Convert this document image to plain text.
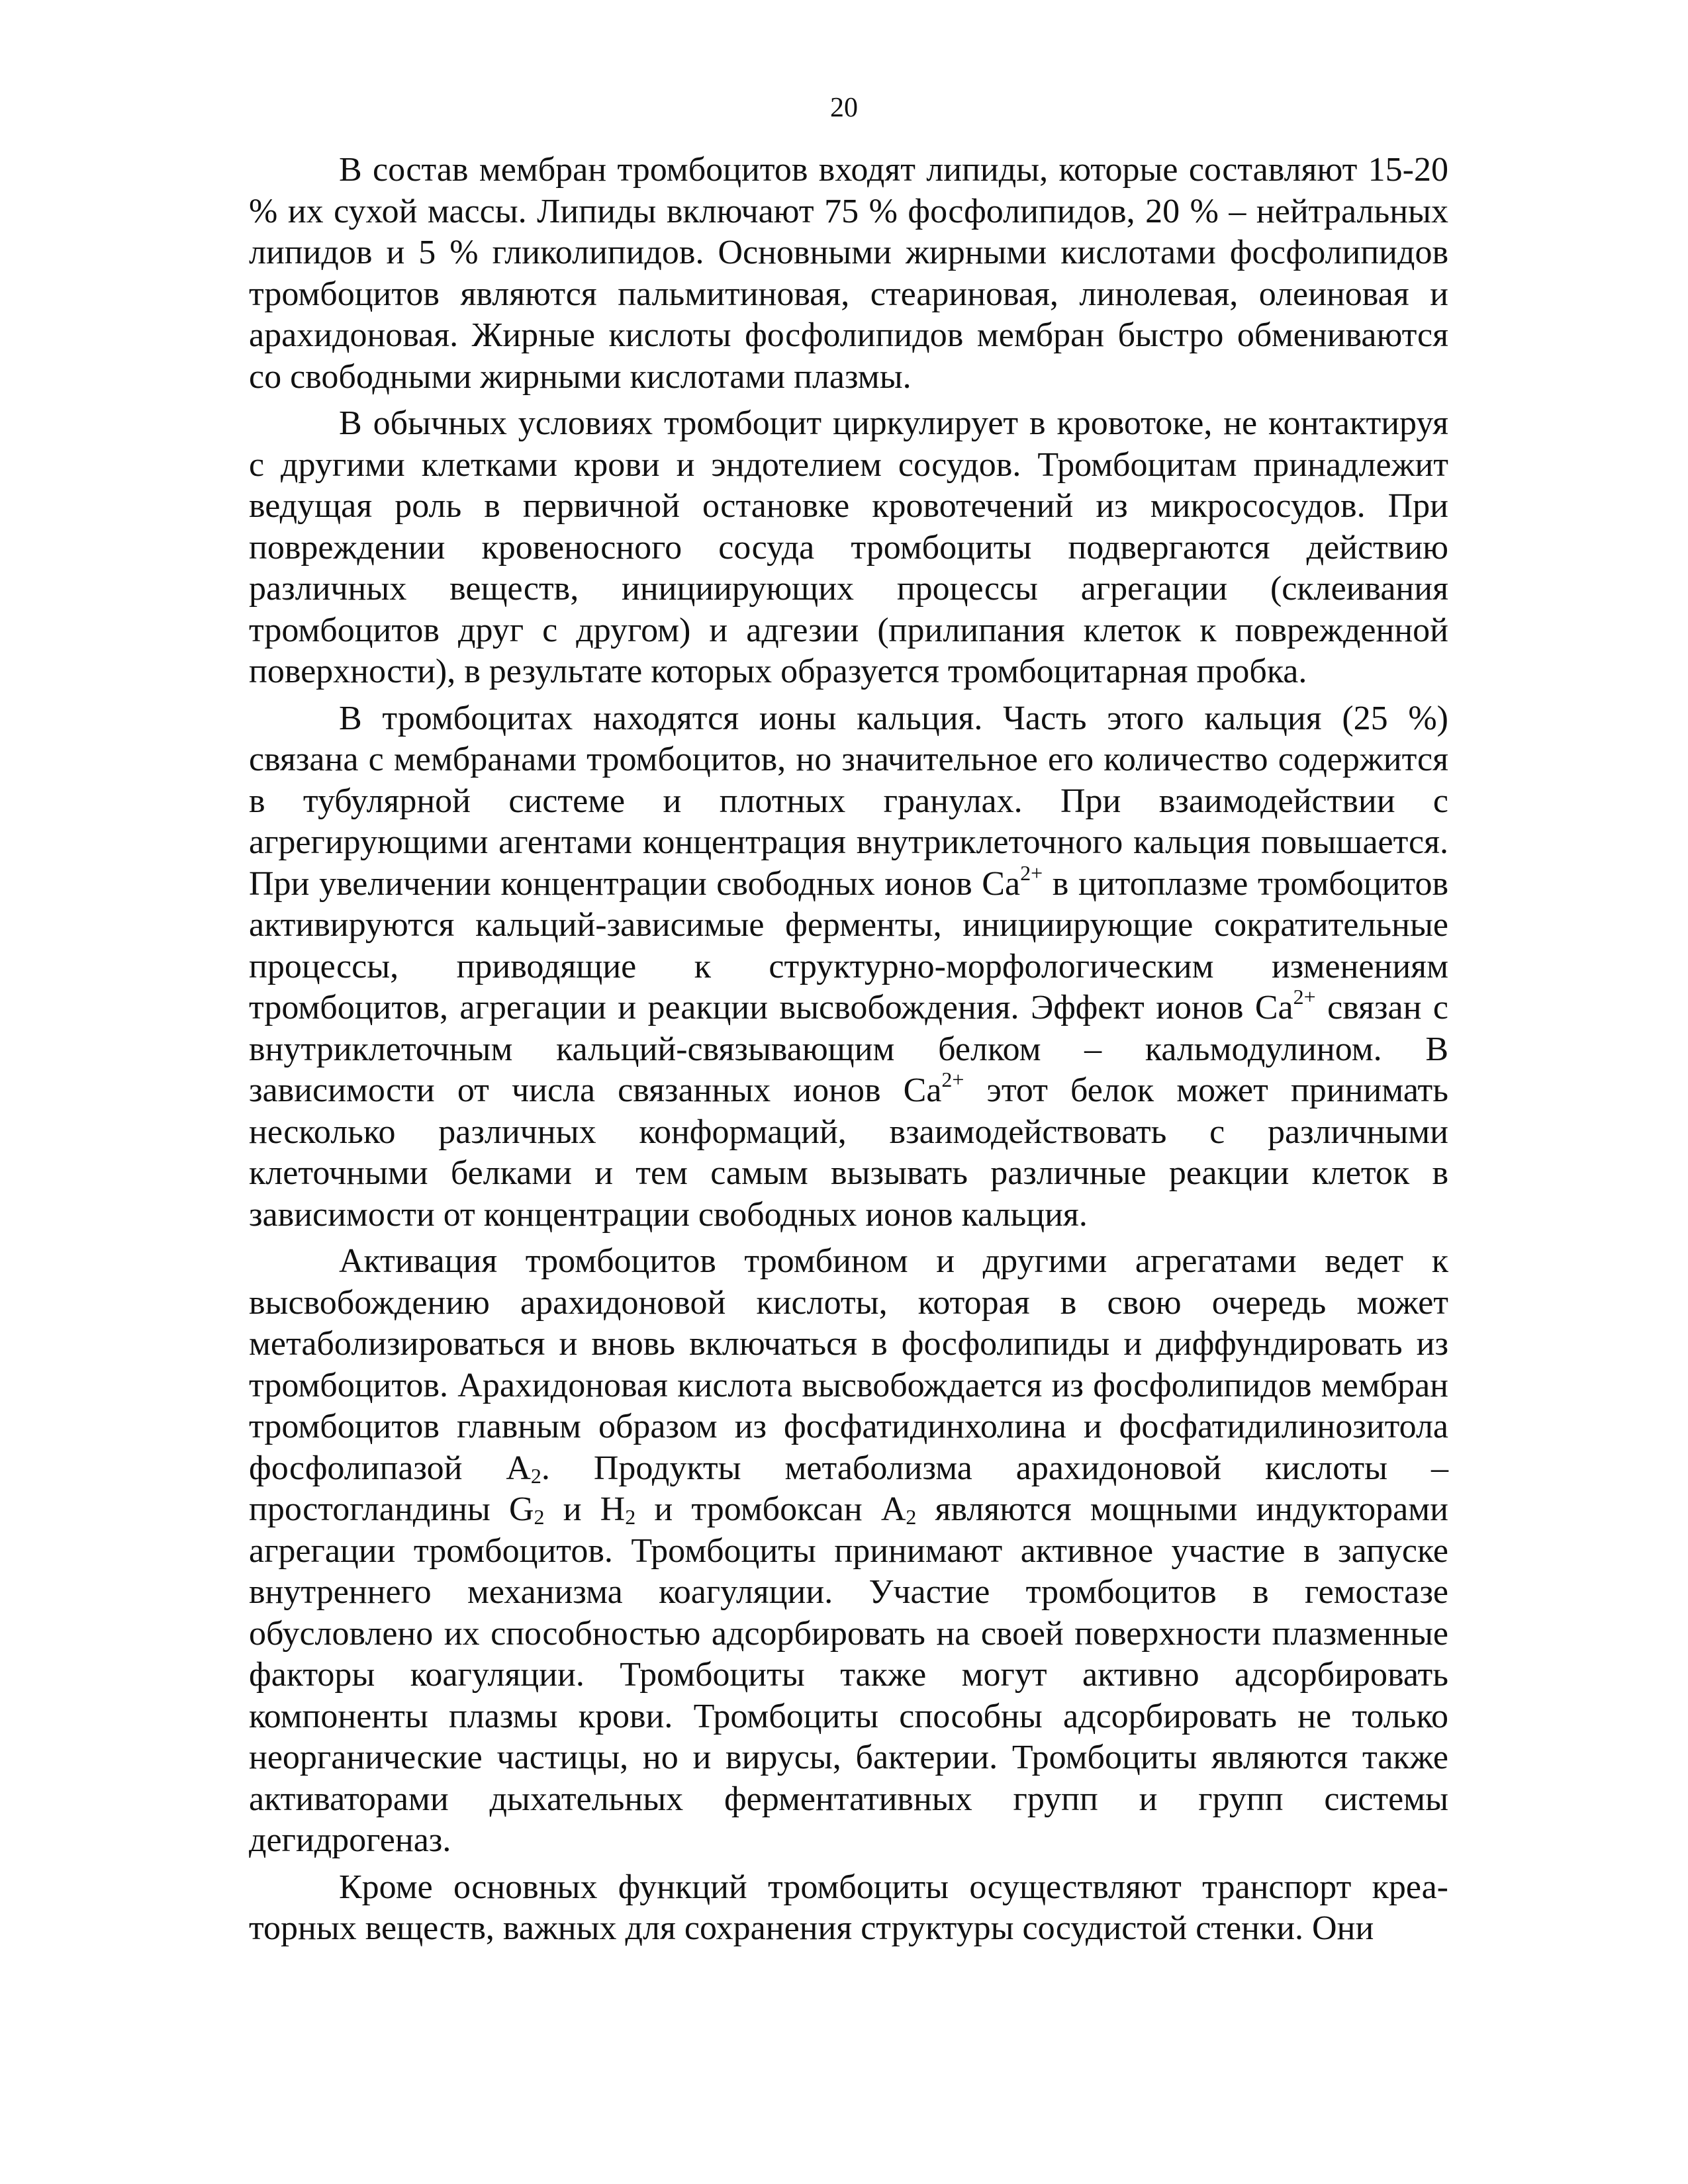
20

В состав мембран тромбоцитов входят липиды, которые составляют 15-20 % их сухой массы. Липиды включают 75 % фосфолипидов, 20 % – нейтральных липидов и 5 % гликолипидов. Основными жирными кислотами фосфолипидов тромбоцитов являются пальмитиновая, стеариновая, линолевая, олеиновая и арахидоновая. Жирные кислоты фосфолипидов мембран быстро обмениваются со свободными жирными кислотами плазмы.

В обычных условиях тромбоцит циркулирует в кровотоке, не контактируя с другими клетками крови и эндотелием сосудов. Тромбоцитам принадлежит ведущая роль в первичной остановке кровотечений из микрососудов. При повреждении кровеносного сосуда тромбоциты подвергаются действию различных веществ, инициирующих процессы агрегации (склеивания тромбоцитов друг с другом) и адгезии (прилипания клеток к поврежденной поверхности), в результате которых образуется тромбоцитарная пробка.

В тромбоцитах находятся ионы кальция. Часть этого кальция (25 %) связана с мембранами тромбоцитов, но значительное его количество содержится в тубулярной системе и плотных гранулах. При взаимодействии с агрегирующими агентами концентрация внутриклеточного кальция повышается. При увеличении концентрации свободных ионов $Ca^{2+}$ в цитоплазме тромбоцитов активируются кальций-зависимые ферменты, инициирующие сократительные процессы, приводящие к структурно-морфологическим изменениям тромбоцитов, агрегации и реакции высвобождения. Эффект ионов $Ca^{2+}$ связан с внутриклеточным кальций-связывающим белком – кальмодулином. В зависимости от числа связанных ионов $Ca^{2+}$ этот белок может принимать несколько различных конформаций, взаимодействовать с различными клеточными белками и тем самым вызывать различные реакции клеток в зависимости от концентрации свободных ионов кальция.

Активация тромбоцитов тромбином и другими агрегатами ведет к высвобождению арахидоновой кислоты, которая в свою очередь может метаболизироваться и вновь включаться в фосфолипиды и диффундировать из тромбоцитов. Арахидоновая кислота высвобождается из фосфолипидов мембран тромбоцитов главным образом из фосфатидинхолина и фосфатидилинозитола фосфолипазой $A_2$. Продукты метаболизма арахидоновой кислоты – простогландины $G_2$ и $H_2$ и тромбоксан $A_2$ являются мощными индукторами агрегации тромбоцитов. Тромбоциты принимают активное участие в запуске внутреннего механизма коагуляции. Участие тромбоцитов в гемостазе обусловлено их способностью адсорбировать на своей поверхности плазменные факторы коагуляции. Тромбоциты также могут активно адсорбировать компоненты плазмы крови. Тромбоциты способны адсорбировать не только неорганические частицы, но и вирусы, бактерии. Тромбоциты являются также активаторами дыхательных ферментативных групп и групп системы дегидрогеназ.

Кроме основных функций тромбоциты осуществляют транспорт креаторных веществ, важных для сохранения структуры сосудистой стенки. Они
